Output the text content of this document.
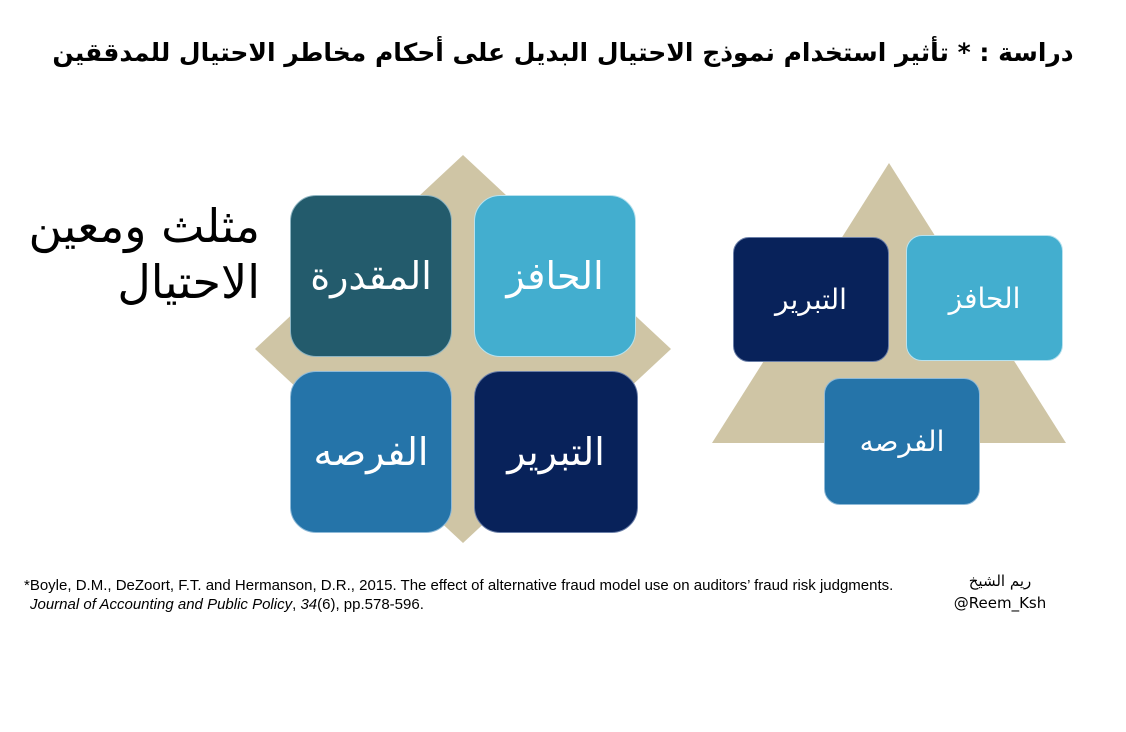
دراسة : * تأثير استخدام نموذج الاحتيال البديل على أحكام مخاطر الاحتيال للمدققين
مثلث ومعين
الاحتيال المقدرة الحافز
الفرصه التبرير
التبرير	الحافز
الفرصه
*Boyle, D.M., DeZoort, F.T. and Hermanson, D.R., 2015. The effect of alternative fraud model use on auditors’ fraud risk judgments.
Journal of Accounting and Public Policy, 34(6), pp.578-596.
ريم الشيخ
@Reem_Ksh
